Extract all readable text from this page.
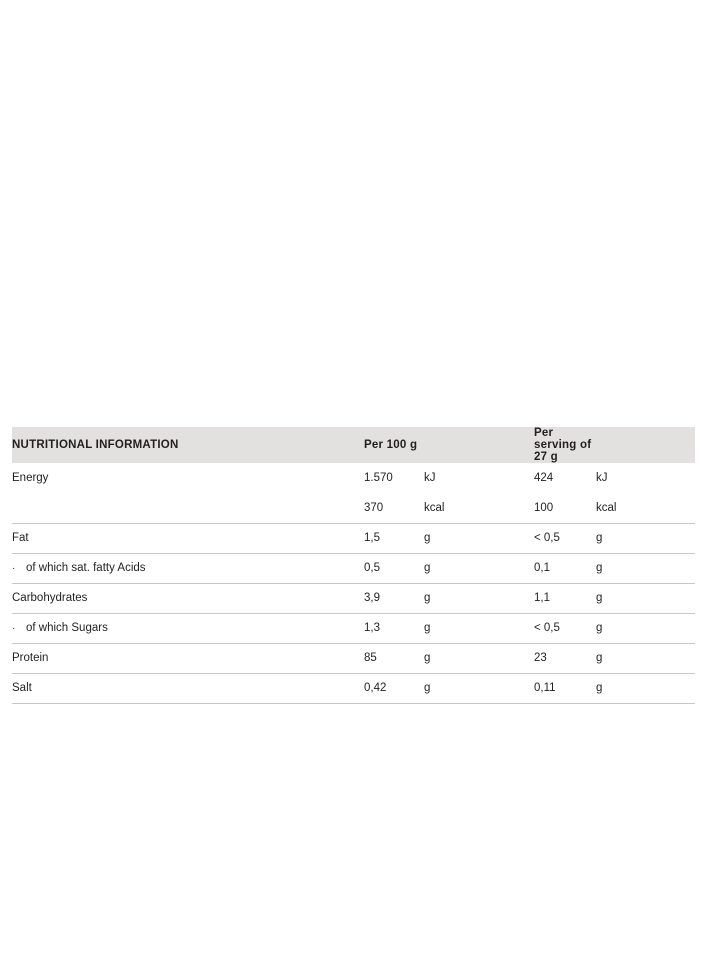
NUTRITIONAL INFORMATION	Per 100 g		Per serving of 27 g	
Energy	1.570	kJ	424	kJ
	370	kcal	100	kcal
Fat	1,5	g	< 0,5	g
· of which sat. fatty Acids	0,5	g	0,1	g
Carbohydrates	3,9	g	1,1	g
· of which Sugars	1,3	g	< 0,5	g
Protein	85	g	23	g
Salt	0,42	g	0,11	g
